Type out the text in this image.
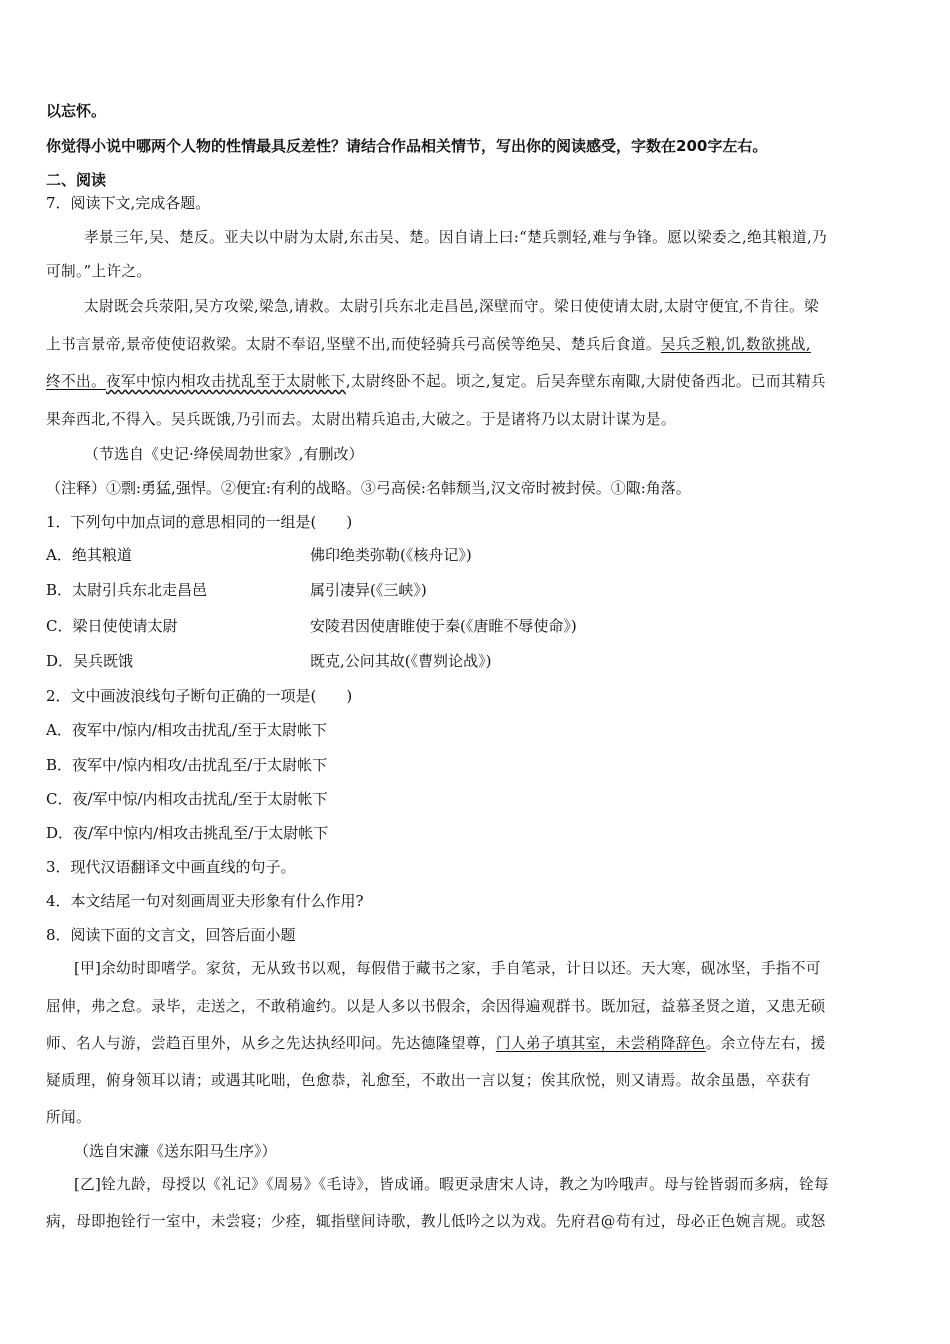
以忘怀。
你觉得小说中哪两个人物的性情最具反差性？请结合作品相关情节，写出你的阅读感受，字数在200字左右。
二、阅读
7．阅读下文,完成各题。
孝景三年,吴、楚反。亚夫以中尉为太尉,东击吴、楚。因自请上曰:“楚兵剽轻,难与争锋。愿以梁委之,绝其粮道,乃
可制。”上许之。
太尉既会兵荥阳,吴方攻梁,梁急,请救。太尉引兵东北走昌邑,深壁而守。梁日使使请太尉,太尉守便宜,不肯往。梁
上书言景帝,景帝使使诏救梁。太尉不奉诏,坚壁不出,而使轻骑兵弓高侯等绝吴、楚兵后食道。吴兵乏粮,饥,数欲挑战,
终不出。夜军中惊内相攻击扰乱至于太尉帐下,太尉终卧不起。顷之,复定。后吴奔壁东南陬,大尉使备西北。已而其精兵
果奔西北,不得入。吴兵既饿,乃引而去。太尉出精兵追击,大破之。于是诸将乃以太尉计谋为是。
（节选自《史记·绛侯周勃世家》,有删改）
（注释）①剽:勇猛,强悍。②便宜:有利的战略。③弓高侯:名韩颓当,汉文帝时被封侯。①陬:角落。
1．下列句中加点词的意思相同的一组是(　　)
A．绝其粮道	佛印绝类弥勒(《核舟记》)
B．太尉引兵东北走昌邑	属引凄异(《三峡》)
C．梁日使使请太尉	安陵君因使唐睢使于秦(《唐睢不辱使命》)
D．吴兵既饿	既克,公问其故(《曹刿论战》)
2．文中画波浪线句子断句正确的一项是(　　)
A．夜军中/惊内/相攻击扰乱/至于太尉帐下
B．夜军中/惊内相攻/击扰乱至/于太尉帐下
C．夜/军中惊/内相攻击扰乱/至于太尉帐下
D．夜/军中惊内/相攻击挑乱至/于太尉帐下
3．现代汉语翻译文中画直线的句子。
4．本文结尾一句对刻画周亚夫形象有什么作用?
8．阅读下面的文言文，回答后面小题
[甲]余幼时即嗜学。家贫，无从致书以观，每假借于藏书之家，手自笔录，计日以还。天大寒，砚冰坚，手指不可
屈伸，弗之怠。录毕，走送之，不敢稍逾约。以是人多以书假余，余因得遍观群书。既加冠，益慕圣贤之道，又患无硕
师、名人与游，尝趋百里外，从乡之先达执经叩问。先达德隆望尊，门人弟子填其室，未尝稍降辞色。余立侍左右，援
疑质理，俯身领耳以请；或遇其叱咄，色愈恭，礼愈至，不敢出一言以复；俟其欣悦，则又请焉。故余虽愚，卒获有
所闻。
（选自宋濂《送东阳马生序》）
[乙]铨九龄，母授以《礼记》《周易》《毛诗》，皆成诵。暇更录唐宋人诗，教之为吟哦声。母与铨皆弱而多病，铨每
病，母即抱铨行一室中，未尝寝；少痊，辄指壁间诗歌，教儿低吟之以为戏。先府君@苟有过，母必正色婉言规。或怒
